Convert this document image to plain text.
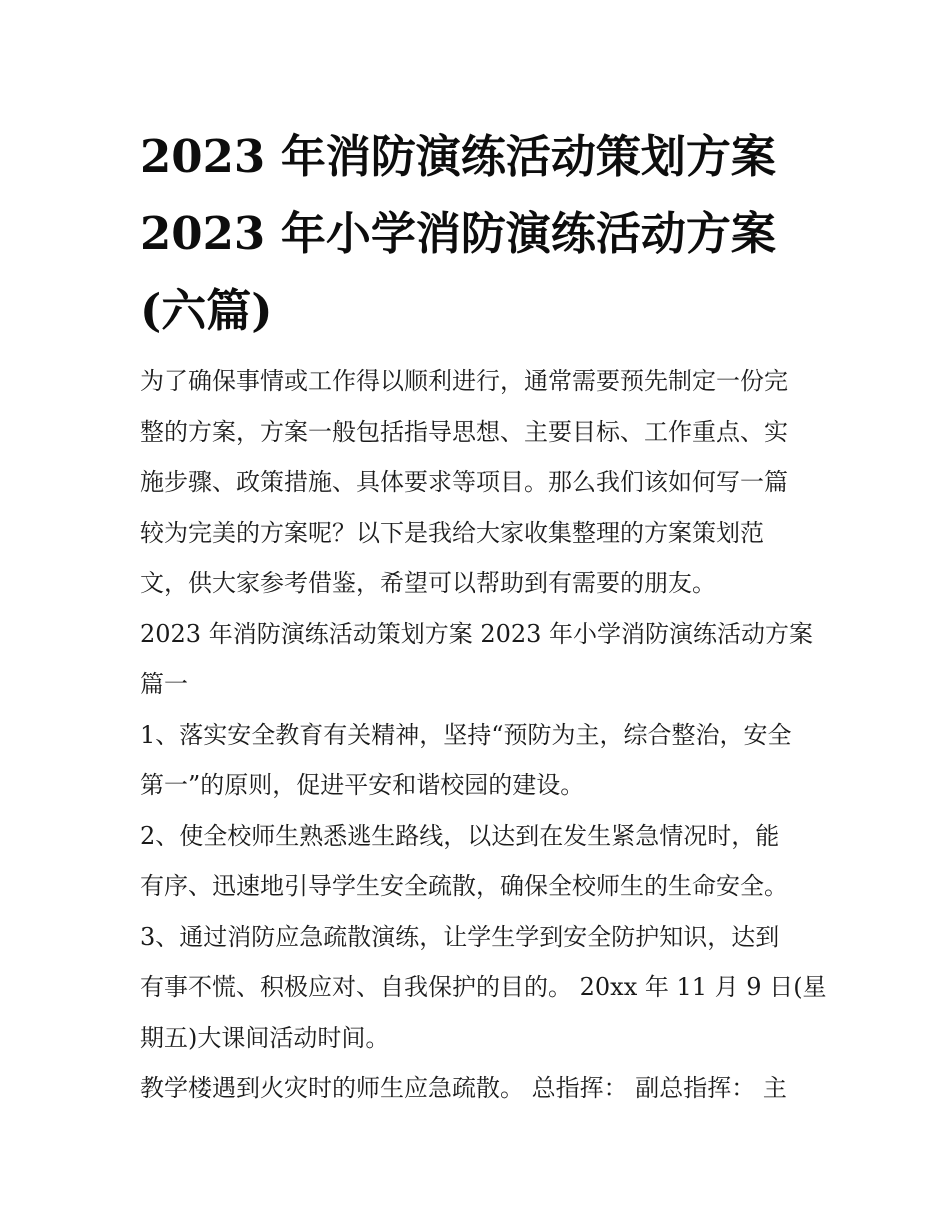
2023 年消防演练活动策划方案
2023 年小学消防演练活动方案
(六篇)

为了确保事情或工作得以顺利进行，通常需要预先制定一份完
整的方案，方案一般包括指导思想、主要目标、工作重点、实
施步骤、政策措施、具体要求等项目。那么我们该如何写一篇
较为完美的方案呢？以下是我给大家收集整理的方案策划范
文，供大家参考借鉴，希望可以帮助到有需要的朋友。

2023 年消防演练活动策划方案 2023 年小学消防演练活动方案
篇一

1、落实安全教育有关精神，坚持“预防为主，综合整治，安全
第一”的原则，促进平安和谐校园的建设。

2、使全校师生熟悉逃生路线，以达到在发生紧急情况时，能
有序、迅速地引导学生安全疏散，确保全校师生的生命安全。

3、通过消防应急疏散演练，让学生学到安全防护知识，达到
有事不慌、积极应对、自我保护的目的。 20xx 年 11 月 9 日(星
期五)大课间活动时间。

教学楼遇到火灾时的师生应急疏散。 总指挥： 副总指挥： 主
